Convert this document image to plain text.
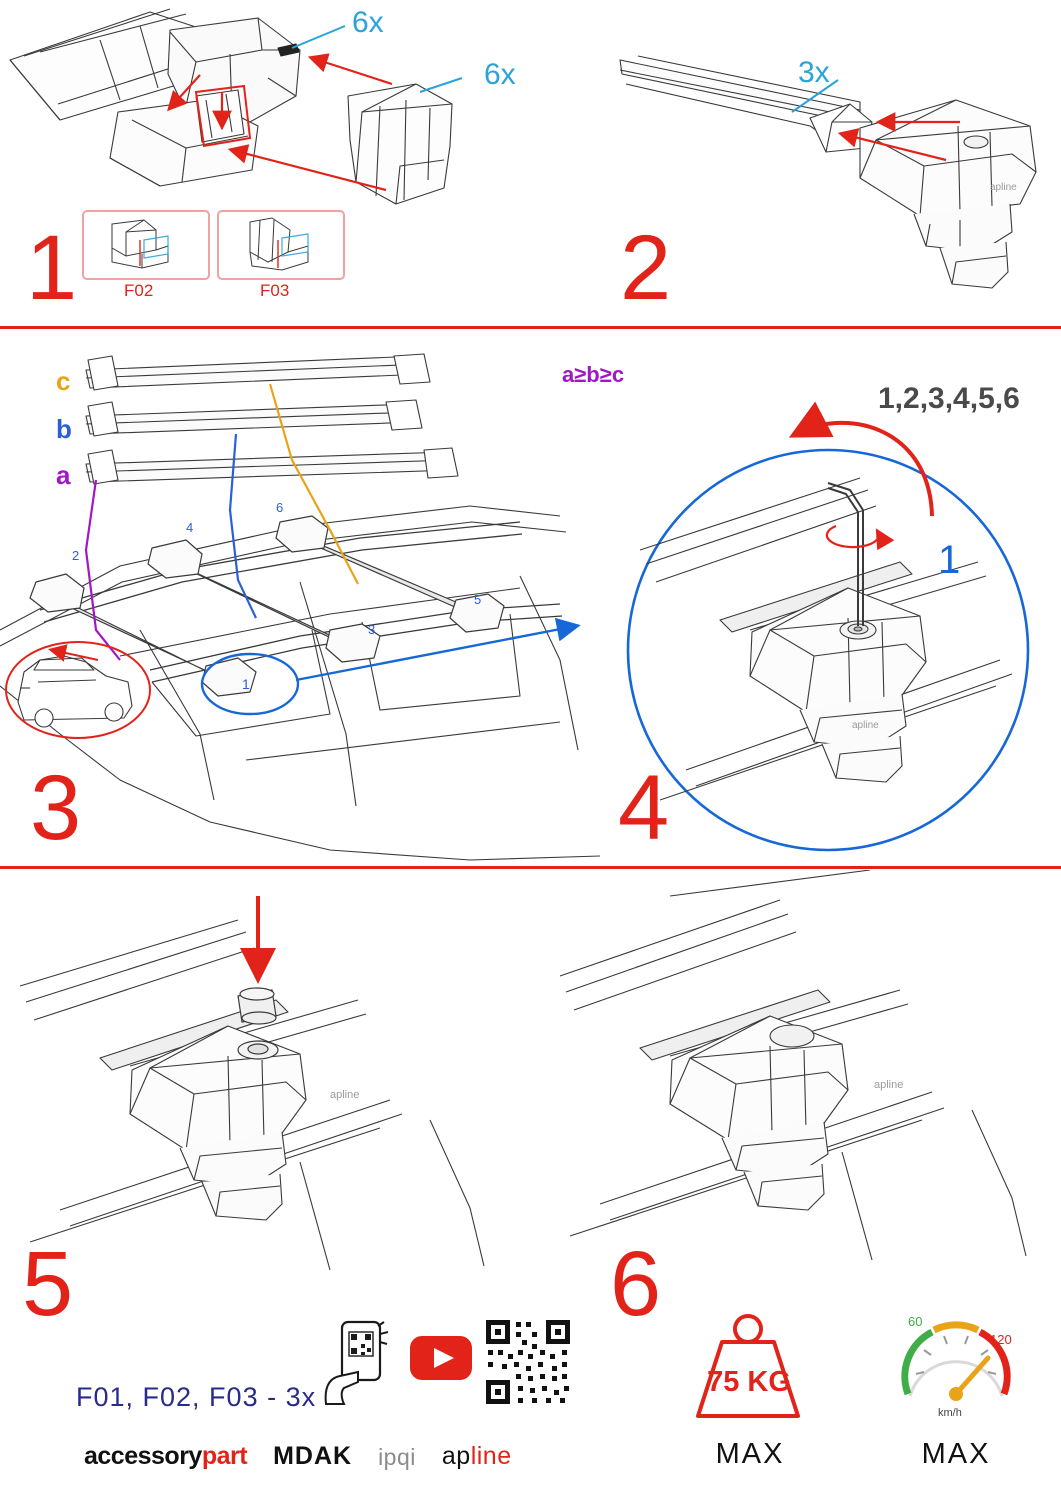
6x
6x
F02	F03
1
apline
3x
2
c
b
a
2
4
6
3
5
1
3
a≥b≥c
apline
1,2,3,4,5,6
1
4
apline
5
apline
6
F01, F02, F03 - 3x
accessorypart MDAK ipqi apline
75 KG
MAX
60
120
km/h
MAX
